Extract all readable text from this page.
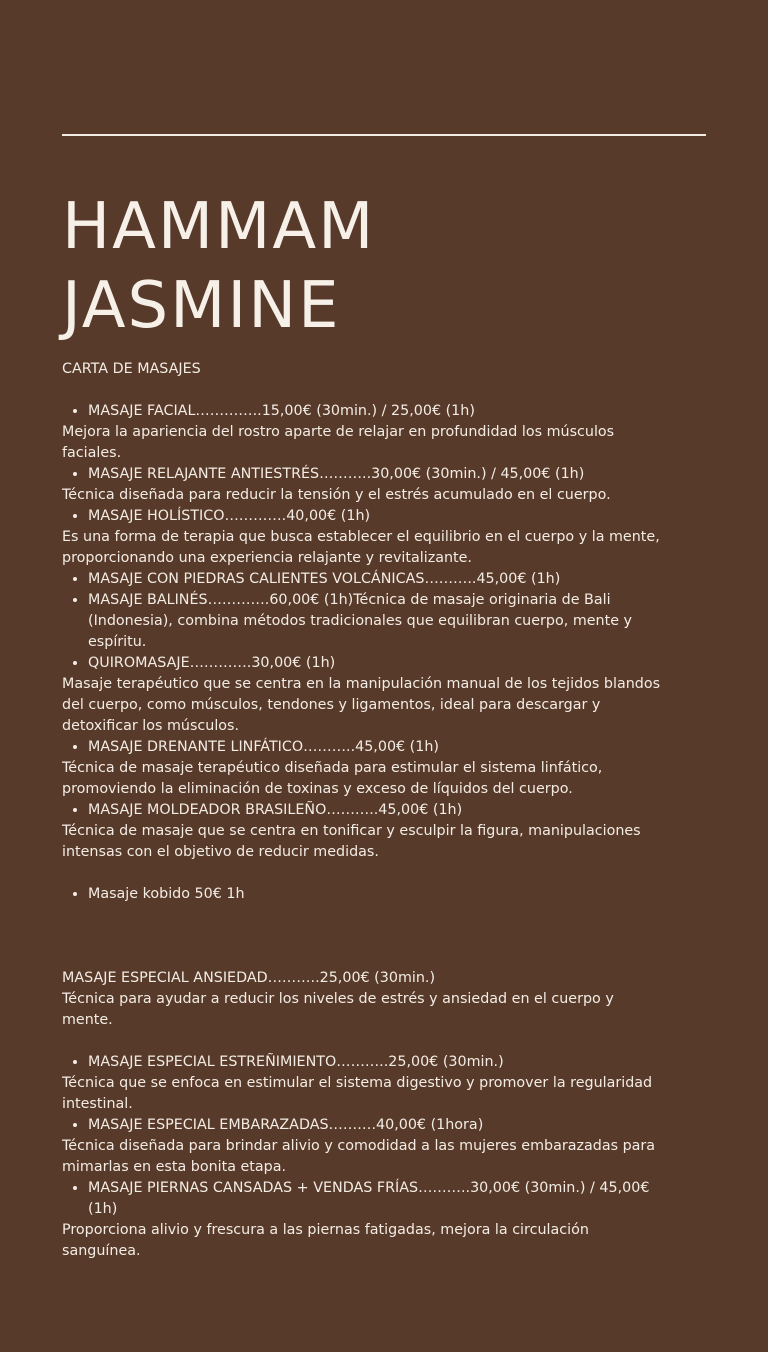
HAMMAM
JASMINE

CARTA DE MASAJES

• MASAJE FACIAL…………..15,00€ (30min.) / 25,00€ (1h)

Mejora la apariencia del rostro aparte de relajar en profundidad los músculos faciales.

• MASAJE RELAJANTE ANTIESTRÉS………..30,00€ (30min.) / 45,00€ (1h)

Técnica diseñada para reducir la tensión y el estrés acumulado en el cuerpo.

• MASAJE HOLÍSTICO………….40,00€ (1h)

Es una forma de terapia que busca establecer el equilibrio en el cuerpo y la mente, proporcionando una experiencia relajante y revitalizante.

• MASAJE CON PIEDRAS CALIENTES VOLCÁNICAS………..45,00€ (1h)
• MASAJE BALINÉS………….60,00€ (1h)Técnica de masaje originaria de Bali (Indonesia), combina métodos tradicionales que equilibran cuerpo, mente y espíritu.
• QUIROMASAJE………….30,00€ (1h)

Masaje terapéutico que se centra en la manipulación manual de los tejidos blandos del cuerpo, como músculos, tendones y ligamentos, ideal para descargar y detoxificar los músculos.

• MASAJE DRENANTE LINFÁTICO………..45,00€ (1h)

Técnica de masaje terapéutico diseñada para estimular el sistema linfático, promoviendo la eliminación de toxinas y exceso de líquidos del cuerpo.

• MASAJE MOLDEADOR BRASILEÑO………..45,00€ (1h)

Técnica de masaje que se centra en tonificar y esculpir la figura, manipulaciones intensas con el objetivo de reducir medidas.

• Masaje kobido 50€ 1h

MASAJE ESPECIAL ANSIEDAD………..25,00€ (30min.)

Técnica para ayudar a reducir los niveles de estrés y ansiedad en el cuerpo y mente.

• MASAJE ESPECIAL ESTREÑIMIENTO………..25,00€ (30min.)

Técnica que se enfoca en estimular el sistema digestivo y promover la regularidad intestinal.

• MASAJE ESPECIAL EMBARAZADAS……….40,00€ (1hora)

Técnica diseñada para brindar alivio y comodidad a las mujeres embarazadas para mimarlas en esta bonita etapa.

• MASAJE PIERNAS CANSADAS + VENDAS FRÍAS………..30,00€ (30min.) / 45,00€ (1h)

Proporciona alivio y frescura a las piernas fatigadas, mejora la circulación sanguínea.
